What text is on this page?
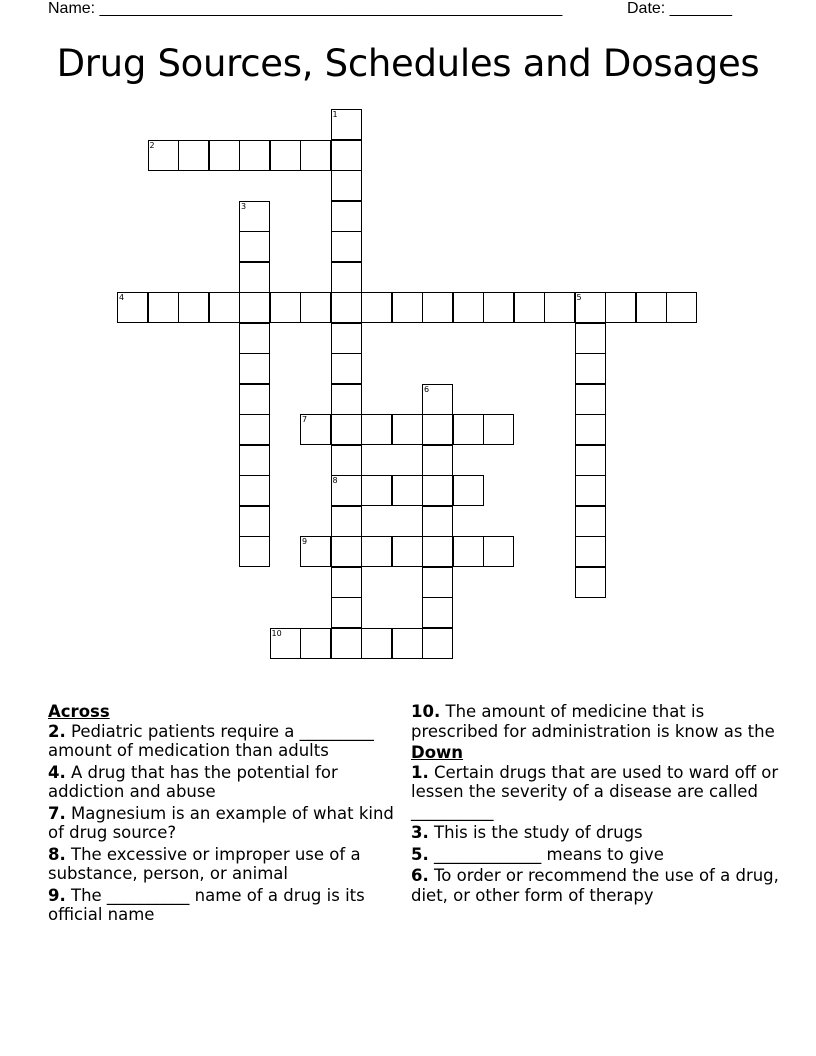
Name: ____________________________________________________	Date: _______
Drug Sources, Schedules and Dosages
2
4	5
7
8
9
10
1
3
6
Across
2. Pediatric patients require a _________ amount of medication than adults
4. A drug that has the potential for addiction and abuse
7. Magnesium is an example of what kind of drug source?
8. The excessive or improper use of a substance, person, or animal
9. The __________ name of a drug is its official name
10. The amount of medicine that is prescribed for administration is know as the
Down
1. Certain drugs that are used to ward off or lessen the severity of a disease are called __________
3. This is the study of drugs
5. _____________ means to give
6. To order or recommend the use of a drug, diet, or other form of therapy
